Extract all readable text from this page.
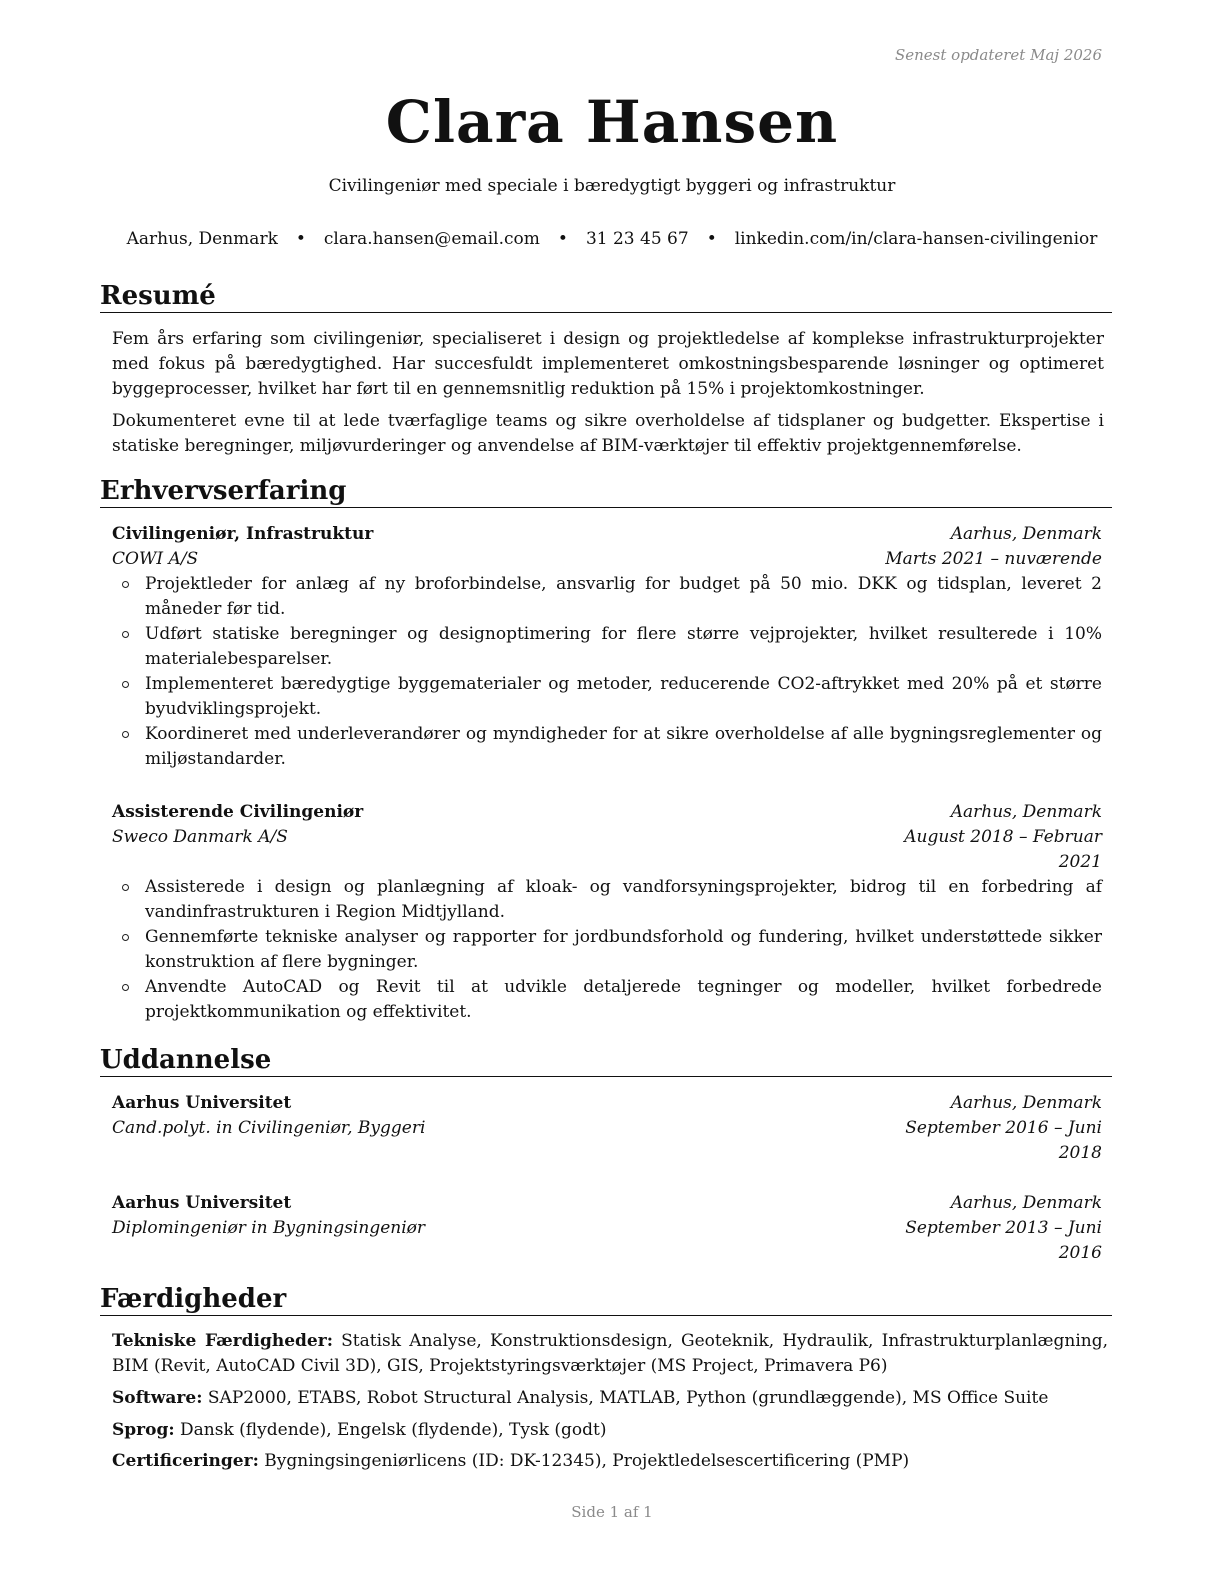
Senest opdateret Maj 2026
Clara Hansen
Civilingeniør med speciale i bæredygtigt byggeri og infrastruktur
Aarhus, Denmark • clara.hansen@email.com • 31 23 45 67 • linkedin.com/in/clara-hansen-civilingenior
Resumé

Fem års erfaring som civilingeniør, specialiseret i design og projektledelse af komplekse infrastrukturprojekter med fokus på bæredygtighed. Har succesfuldt implementeret omkostningsbesparende løsninger og optimeret byggeprocesser, hvilket har ført til en gennemsnitlig reduktion på 15% i projektomkostninger.

Dokumenteret evne til at lede tværfaglige teams og sikre overholdelse af tidsplaner og budgetter. Ekspertise i statiske beregninger, miljøvurderinger og anvendelse af BIM-værktøjer til effektiv projektgennemførelse.

Erhvervserfaring
Civilingeniør, Infrastruktur	Aarhus, Denmark
COWI A/S	Marts 2021 – nuværende
Projektleder for anlæg af ny broforbindelse, ansvarlig for budget på 50 mio. DKK og tidsplan, leveret 2 måneder før tid.
Udført statiske beregninger og designoptimering for flere større vejprojekter, hvilket resulterede i 10% materialebesparelser.
Implementeret bæredygtige byggematerialer og metoder, reducerende CO2-aftrykket med 20% på et større byudviklingsprojekt.
Koordineret med underleverandører og myndigheder for at sikre overholdelse af alle bygningsreglementer og miljøstandarder.
Assisterende Civilingeniør	Aarhus, Denmark
Sweco Danmark A/S	August 2018 – Februar 2021
Assisterede i design og planlægning af kloak- og vandforsyningsprojekter, bidrog til en forbedring af vandinfrastrukturen i Region Midtjylland.
Gennemførte tekniske analyser og rapporter for jordbundsforhold og fundering, hvilket understøttede sikker konstruktion af flere bygninger.
Anvendte AutoCAD og Revit til at udvikle detaljerede tegninger og modeller, hvilket forbedrede projektkommunikation og effektivitet.
Uddannelse
Aarhus Universitet	Aarhus, Denmark
Cand.polyt. in Civilingeniør, Byggeri	September 2016 – Juni 2018
Aarhus Universitet	Aarhus, Denmark
Diplomingeniør in Bygningsingeniør	September 2013 – Juni 2016
Færdigheder
Tekniske Færdigheder: Statisk Analyse, Konstruktionsdesign, Geoteknik, Hydraulik, Infrastrukturplanlægning, BIM (Revit, AutoCAD Civil 3D), GIS, Projektstyringsværktøjer (MS Project, Primavera P6)
Software: SAP2000, ETABS, Robot Structural Analysis, MATLAB, Python (grundlæggende), MS Office Suite
Sprog: Dansk (flydende), Engelsk (flydende), Tysk (godt)
Certificeringer: Bygningsingeniørlicens (ID: DK-12345), Projektledelsescertificering (PMP)
Side 1 af 1
